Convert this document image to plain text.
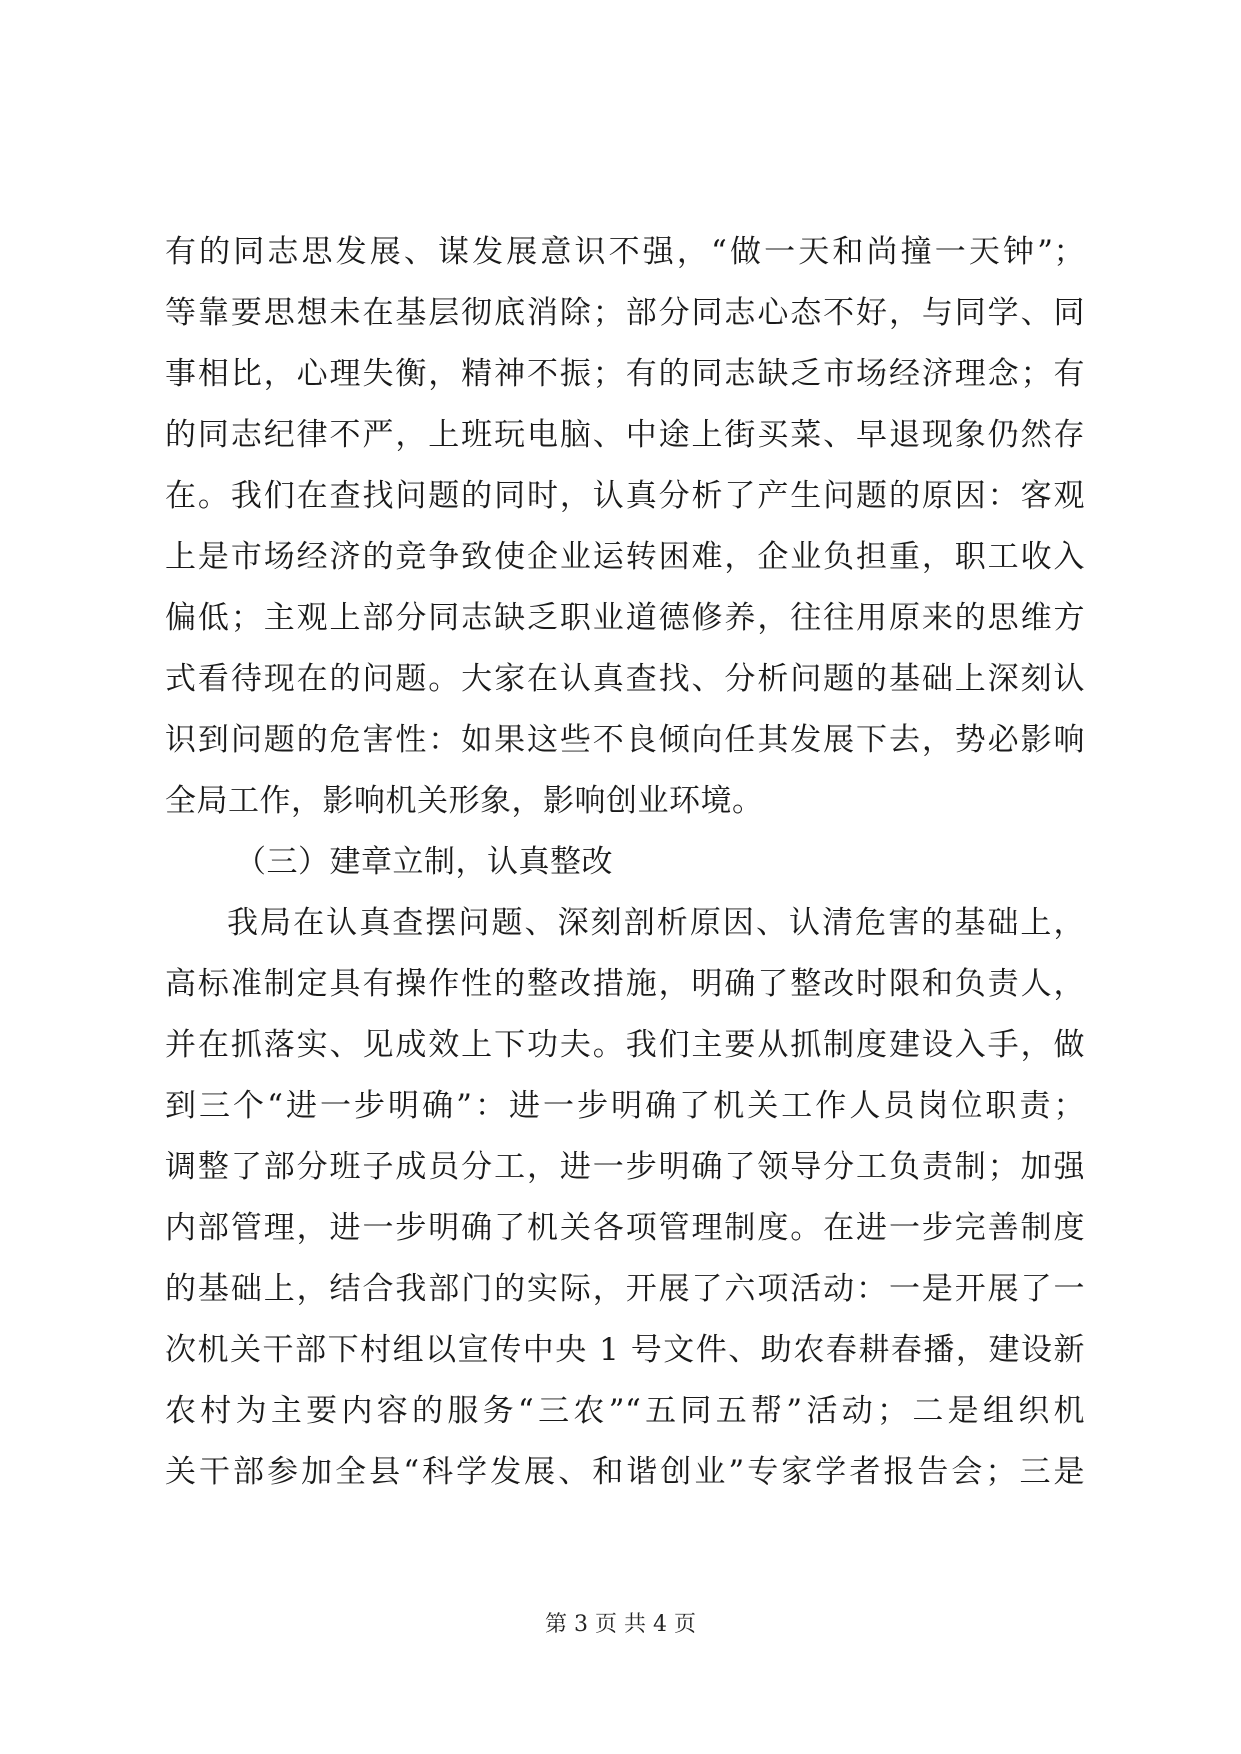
有的同志思发展、谋发展意识不强，“做一天和尚撞一天钟”；
等靠要思想未在基层彻底消除；部分同志心态不好，与同学、同
事相比，心理失衡，精神不振；有的同志缺乏市场经济理念；有
的同志纪律不严，上班玩电脑、中途上街买菜、早退现象仍然存
在。我们在查找问题的同时，认真分析了产生问题的原因：客观
上是市场经济的竞争致使企业运转困难，企业负担重，职工收入
偏低；主观上部分同志缺乏职业道德修养，往往用原来的思维方
式看待现在的问题。大家在认真查找、分析问题的基础上深刻认
识到问题的危害性：如果这些不良倾向任其发展下去，势必影响
全局工作，影响机关形象，影响创业环境。
（三）建章立制，认真整改
我局在认真查摆问题、深刻剖析原因、认清危害的基础上，
高标准制定具有操作性的整改措施，明确了整改时限和负责人，
并在抓落实、见成效上下功夫。我们主要从抓制度建设入手，做
到三个“进一步明确”：进一步明确了机关工作人员岗位职责；
调整了部分班子成员分工，进一步明确了领导分工负责制；加强
内部管理，进一步明确了机关各项管理制度。在进一步完善制度
的基础上，结合我部门的实际，开展了六项活动：一是开展了一
次机关干部下村组以宣传中央 1 号文件、助农春耕春播，建设新
农村为主要内容的服务“三农”“五同五帮”活动；二是组织机
关干部参加全县“科学发展、和谐创业”专家学者报告会；三是
第 3 页 共 4 页
